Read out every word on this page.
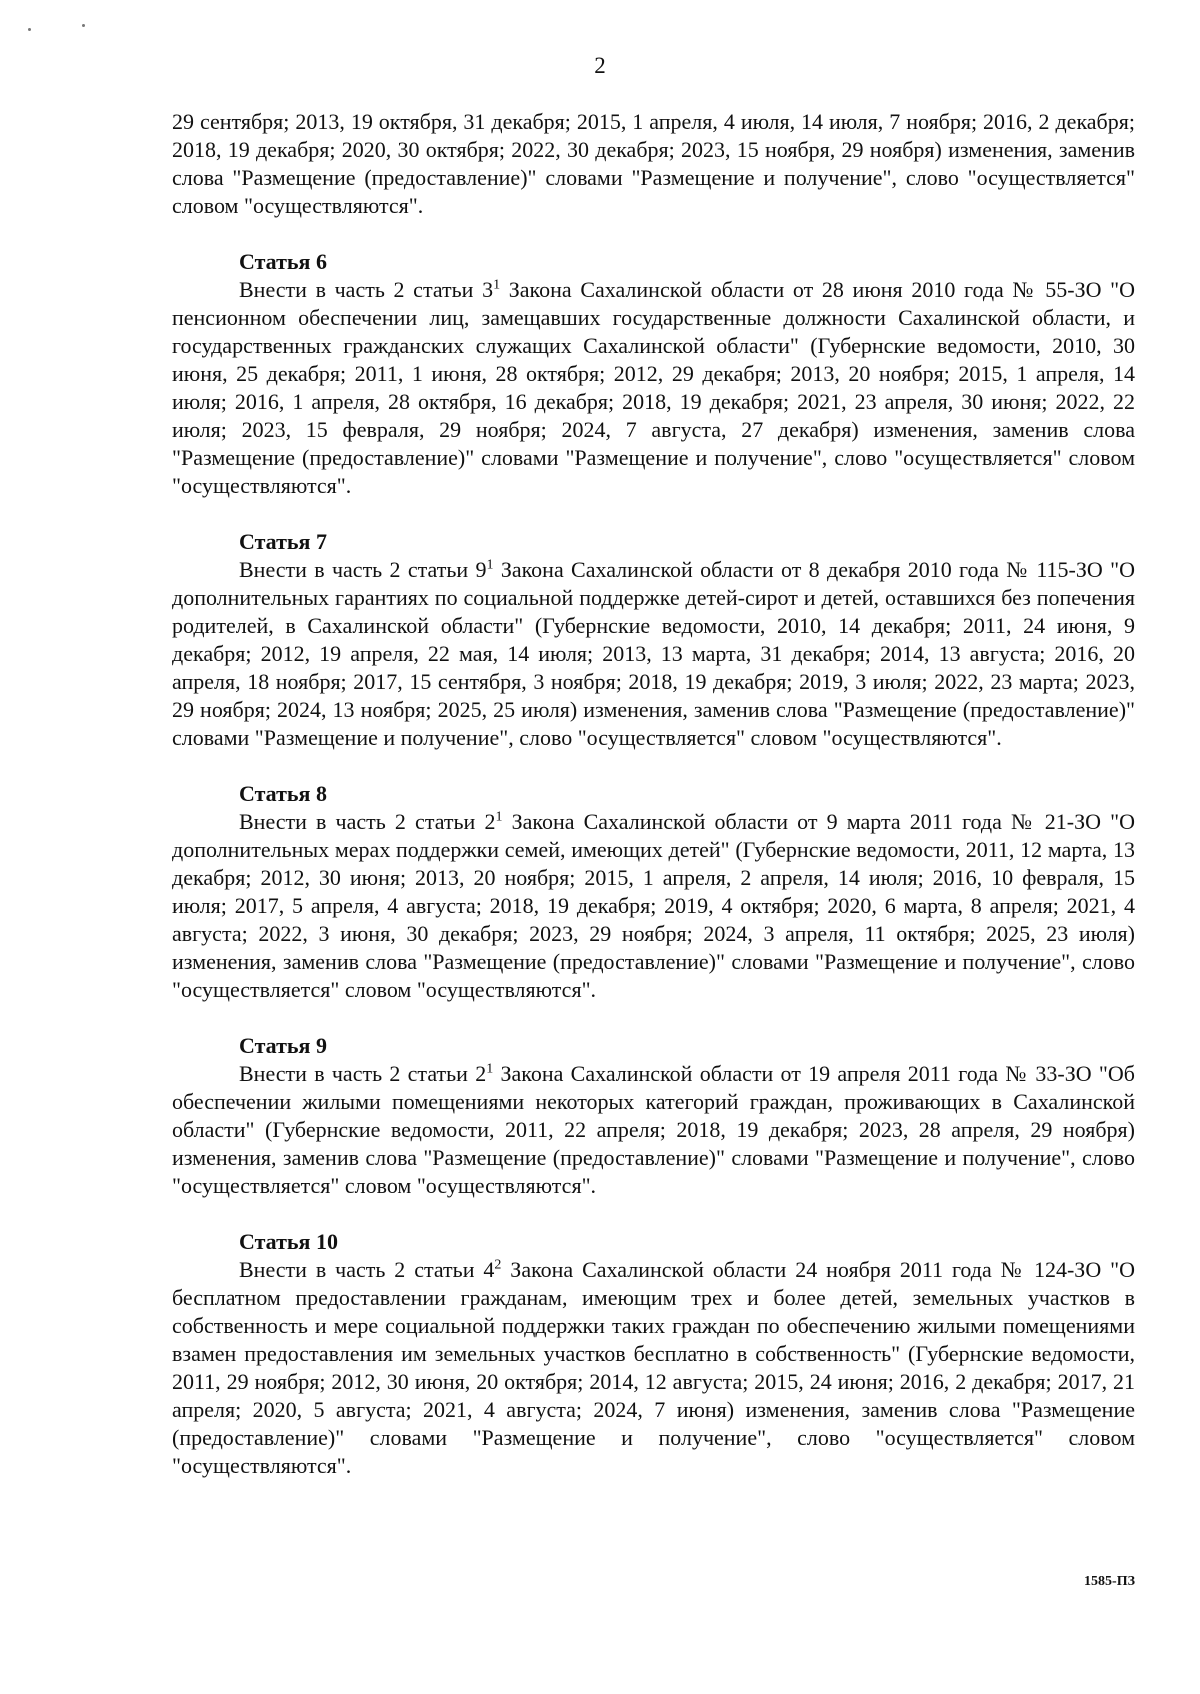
2

29 сентября; 2013, 19 октября, 31 декабря; 2015, 1 апреля, 4 июля, 14 июля, 7 ноября; 2016, 2 декабря; 2018, 19 декабря; 2020, 30 октября; 2022, 30 декабря; 2023, 15 ноября, 29 ноября) изменения, заменив слова "Размещение (предоставление)" словами "Размещение и получение", слово "осуществляется" словом "осуществляются".

Статья 6

Внести в часть 2 статьи $3^1$ Закона Сахалинской области от 28 июня 2010 года № 55-ЗО "О пенсионном обеспечении лиц, замещавших государственные должности Сахалинской области, и государственных гражданских служащих Сахалинской области" (Губернские ведомости, 2010, 30 июня, 25 декабря; 2011, 1 июня, 28 октября; 2012, 29 декабря; 2013, 20 ноября; 2015, 1 апреля, 14 июля; 2016, 1 апреля, 28 октября, 16 декабря; 2018, 19 декабря; 2021, 23 апреля, 30 июня; 2022, 22 июля; 2023, 15 февраля, 29 ноября; 2024, 7 августа, 27 декабря) изменения, заменив слова "Размещение (предоставление)" словами "Размещение и получение", слово "осуществляется" словом "осуществляются".

Статья 7

Внести в часть 2 статьи $9^1$ Закона Сахалинской области от 8 декабря 2010 года № 115-ЗО "О дополнительных гарантиях по социальной поддержке детей-сирот и детей, оставшихся без попечения родителей, в Сахалинской области" (Губернские ведомости, 2010, 14 декабря; 2011, 24 июня, 9 декабря; 2012, 19 апреля, 22 мая, 14 июля; 2013, 13 марта, 31 декабря; 2014, 13 августа; 2016, 20 апреля, 18 ноября; 2017, 15 сентября, 3 ноября; 2018, 19 декабря; 2019, 3 июля; 2022, 23 марта; 2023, 29 ноября; 2024, 13 ноября; 2025, 25 июля) изменения, заменив слова "Размещение (предоставление)" словами "Размещение и получение", слово "осуществляется" словом "осуществляются".

Статья 8

Внести в часть 2 статьи $2^1$ Закона Сахалинской области от 9 марта 2011 года № 21-ЗО "О дополнительных мерах поддержки семей, имеющих детей" (Губернские ведомости, 2011, 12 марта, 13 декабря; 2012, 30 июня; 2013, 20 ноября; 2015, 1 апреля, 2 апреля, 14 июля; 2016, 10 февраля, 15 июля; 2017, 5 апреля, 4 августа; 2018, 19 декабря; 2019, 4 октября; 2020, 6 марта, 8 апреля; 2021, 4 августа; 2022, 3 июня, 30 декабря; 2023, 29 ноября; 2024, 3 апреля, 11 октября; 2025, 23 июля) изменения, заменив слова "Размещение (предоставление)" словами "Размещение и получение", слово "осуществляется" словом "осуществляются".

Статья 9

Внести в часть 2 статьи $2^1$ Закона Сахалинской области от 19 апреля 2011 года № 33-ЗО "Об обеспечении жилыми помещениями некоторых категорий граждан, проживающих в Сахалинской области" (Губернские ведомости, 2011, 22 апреля; 2018, 19 декабря; 2023, 28 апреля, 29 ноября) изменения, заменив слова "Размещение (предоставление)" словами "Размещение и получение", слово "осуществляется" словом "осуществляются".

Статья 10

Внести в часть 2 статьи $4^2$ Закона Сахалинской области 24 ноября 2011 года № 124-ЗО "О бесплатном предоставлении гражданам, имеющим трех и более детей, земельных участков в собственность и мере социальной поддержки таких граждан по обеспечению жилыми помещениями взамен предоставления им земельных участков бесплатно в собственность" (Губернские ведомости, 2011, 29 ноября; 2012, 30 июня, 20 октября; 2014, 12 августа; 2015, 24 июня; 2016, 2 декабря; 2017, 21 апреля; 2020, 5 августа; 2021, 4 августа; 2024, 7 июня) изменения, заменив слова "Размещение (предоставление)" словами "Размещение и получение", слово "осуществляется" словом "осуществляются".

1585-ПЗ
